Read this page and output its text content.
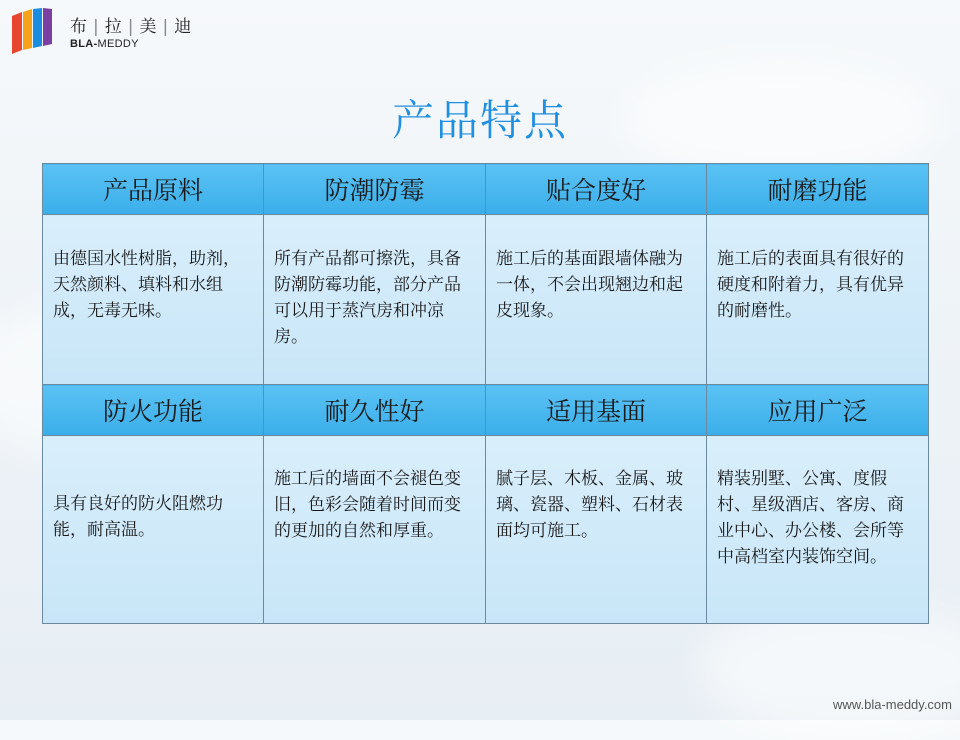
布 | 拉 | 美 | 迪
BLA-MEDDY
产品特点
产品原料	防潮防霉	贴合度好	耐磨功能

由德国水性树脂，助剂，天然颜料、填料和水组成，无毒无味。	所有产品都可擦洗，具备防潮防霉功能，部分产品可以用于蒸汽房和冲凉房。	施工后的基面跟墙体融为一体，不会出现翘边和起皮现象。	施工后的表面具有很好的硬度和附着力，具有优异的耐磨性。

防火功能	耐久性好	适用基面	应用广泛

具有良好的防火阻燃功能，耐高温。	施工后的墙面不会褪色变旧，色彩会随着时间而变的更加的自然和厚重。	腻子层、木板、金属、玻璃、瓷器、塑料、石材表面均可施工。	精装别墅、公寓、度假村、星级酒店、客房、商业中心、办公楼、会所等中高档室内装饰空间。
www.bla-meddy.com
